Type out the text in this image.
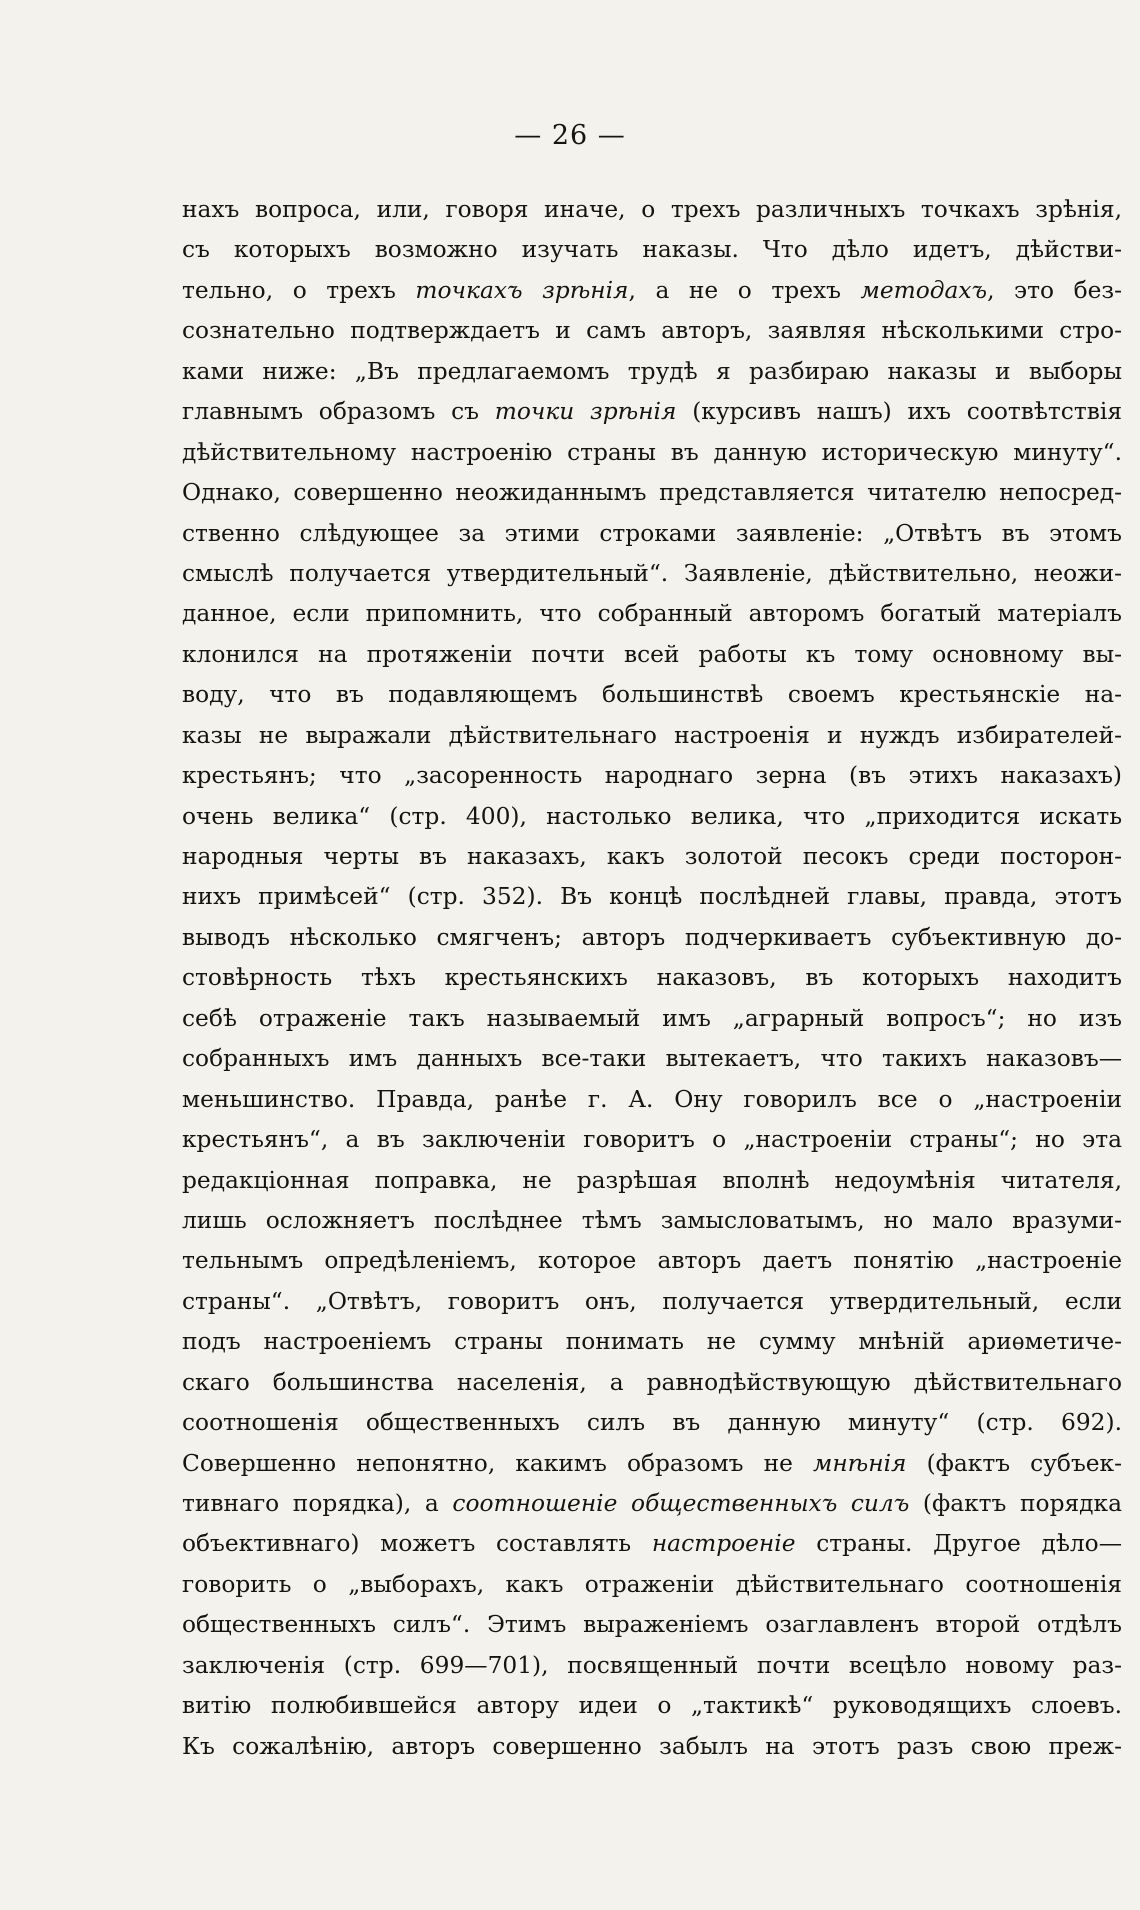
— 26 —
нахъ вопроса, или, говоря иначе, о трехъ различныхъ точкахъ зрѣнія,
съ которыхъ возможно изучать наказы. Что дѣло идетъ, дѣйстви-
тельно, о трехъ точкахъ зрѣнія, а не о трехъ методахъ, это без-
сознательно подтверждаетъ и самъ авторъ, заявляя нѣсколькими стро-
ками ниже: „Въ предлагаемомъ трудѣ я разбираю наказы и выборы
главнымъ образомъ съ точки зрѣнія (курсивъ нашъ) ихъ соотвѣтствія
дѣйствительному настроенію страны въ данную историческую минуту“.
Однако, совершенно неожиданнымъ представляется читателю непосред-
ственно слѣдующее за этими строками заявленіе: „Отвѣтъ въ этомъ
смыслѣ получается утвердительный“. Заявленіе, дѣйствительно, неожи-
данное, если припомнить, что собранный авторомъ богатый матеріалъ
клонился на протяженіи почти всей работы къ тому основному вы-
воду, что въ подавляющемъ большинствѣ своемъ крестьянскіе на-
казы не выражали дѣйствительнаго настроенія и нуждъ избирателей-
крестьянъ; что „засоренность народнаго зерна (въ этихъ наказахъ)
очень велика“ (стр. 400), настолько велика, что „приходится искать
народныя черты въ наказахъ, какъ золотой песокъ среди посторон-
нихъ примѣсей“ (стр. 352). Въ концѣ послѣдней главы, правда, этотъ
выводъ нѣсколько смягченъ; авторъ подчеркиваетъ субъективную до-
стовѣрность тѣхъ крестьянскихъ наказовъ, въ которыхъ находитъ
себѣ отраженіе такъ называемый имъ „аграрный вопросъ“; но изъ
собранныхъ имъ данныхъ все-таки вытекаетъ, что такихъ наказовъ—
меньшинство. Правда, ранѣе г. А. Ону говорилъ все о „настроеніи
крестьянъ“, а въ заключеніи говоритъ о „настроеніи страны“; но эта
редакціонная поправка, не разрѣшая вполнѣ недоумѣнія читателя,
лишь осложняетъ послѣднее тѣмъ замысловатымъ, но мало вразуми-
тельнымъ опредѣленіемъ, которое авторъ даетъ понятію „настроеніе
страны“. „Отвѣтъ, говоритъ онъ, получается утвердительный, если
подъ настроеніемъ страны понимать не сумму мнѣній ариѳметиче-
скаго большинства населенія, а равнодѣйствующую дѣйствительнаго
соотношенія общественныхъ силъ въ данную минуту“ (стр. 692).
Совершенно непонятно, какимъ образомъ не мнѣнія (фактъ субъек-
тивнаго порядка), а соотношеніе общественныхъ силъ (фактъ порядка
объективнаго) можетъ составлять настроеніе страны. Другое дѣло—
говорить о „выборахъ, какъ отраженіи дѣйствительнаго соотношенія
общественныхъ силъ“. Этимъ выраженіемъ озаглавленъ второй отдѣлъ
заключенія (стр. 699—701), посвященный почти всецѣло новому раз-
витію полюбившейся автору идеи о „тактикѣ“ руководящихъ слоевъ.
Къ сожалѣнію, авторъ совершенно забылъ на этотъ разъ свою преж-
